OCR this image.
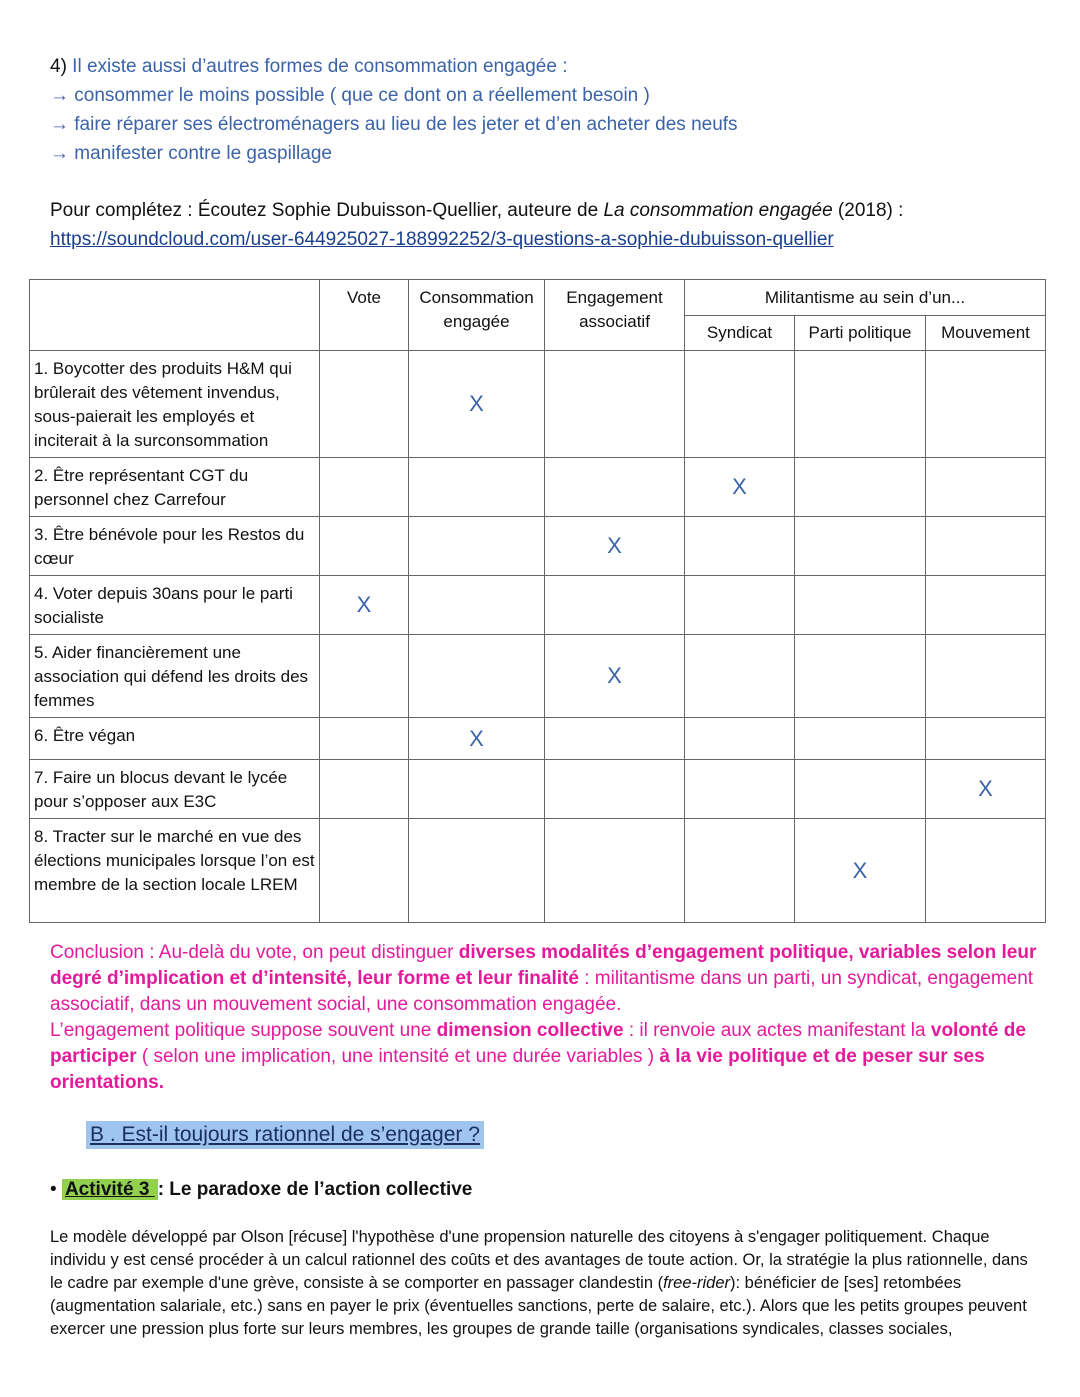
4) Il existe aussi d’autres formes de consommation engagée :
→ consommer le moins possible ( que ce dont on a réellement besoin )
→ faire réparer ses électroménagers au lieu de les jeter et d’en acheter des neufs
→ manifester contre le gaspillage
Pour complétez : Écoutez Sophie Dubuisson-Quellier, auteure de La consommation engagée (2018) :
https://soundcloud.com/user-644925027-188992252/3-questions-a-sophie-dubuisson-quellier
	Vote	Consommation engagée	Engagement associatif	Militantisme au sein d’un...		
				Syndicat	Parti politique	Mouvement
1. Boycotter des produits H&M qui brûlerait des vêtement invendus, sous-paierait les employés et inciterait à la surconsommation		X				
2. Être représentant CGT du personnel chez Carrefour				X		
3. Être bénévole pour les Restos du cœur			X			
4. Voter depuis 30ans pour le parti socialiste	X					
5. Aider financièrement une association qui défend les droits des femmes			X			
6. Être végan		X				
7. Faire un blocus devant le lycée pour s’opposer aux E3C						X
8. Tracter sur le marché en vue des élections municipales lorsque l’on est membre de la section locale LREM					X	
Conclusion : Au-delà du vote, on peut distinguer diverses modalités d’engagement politique, variables selon leur degré d’implication et d’intensité, leur forme et leur finalité : militantisme dans un parti, un syndicat, engagement associatif, dans un mouvement social, une consommation engagée.
L’engagement politique suppose souvent une dimension collective : il renvoie aux actes manifestant la volonté de participer ( selon une implication, une intensité et une durée variables ) à la vie politique et de peser sur ses orientations.
B . Est-il toujours rationnel de s’engager ?
• Activité 3 : Le paradoxe de l’action collective
Le modèle développé par Olson [récuse] l'hypothèse d'une propension naturelle des citoyens à s'engager politiquement. Chaque individu y est censé procéder à un calcul rationnel des coûts et des avantages de toute action. Or, la stratégie la plus rationnelle, dans le cadre par exemple d'une grève, consiste à se comporter en passager clandestin (free-rider): bénéficier de [ses] retombées (augmentation salariale, etc.) sans en payer le prix (éventuelles sanctions, perte de salaire, etc.). Alors que les petits groupes peuvent exercer une pression plus forte sur leurs membres, les groupes de grande taille (organisations syndicales, classes sociales,
